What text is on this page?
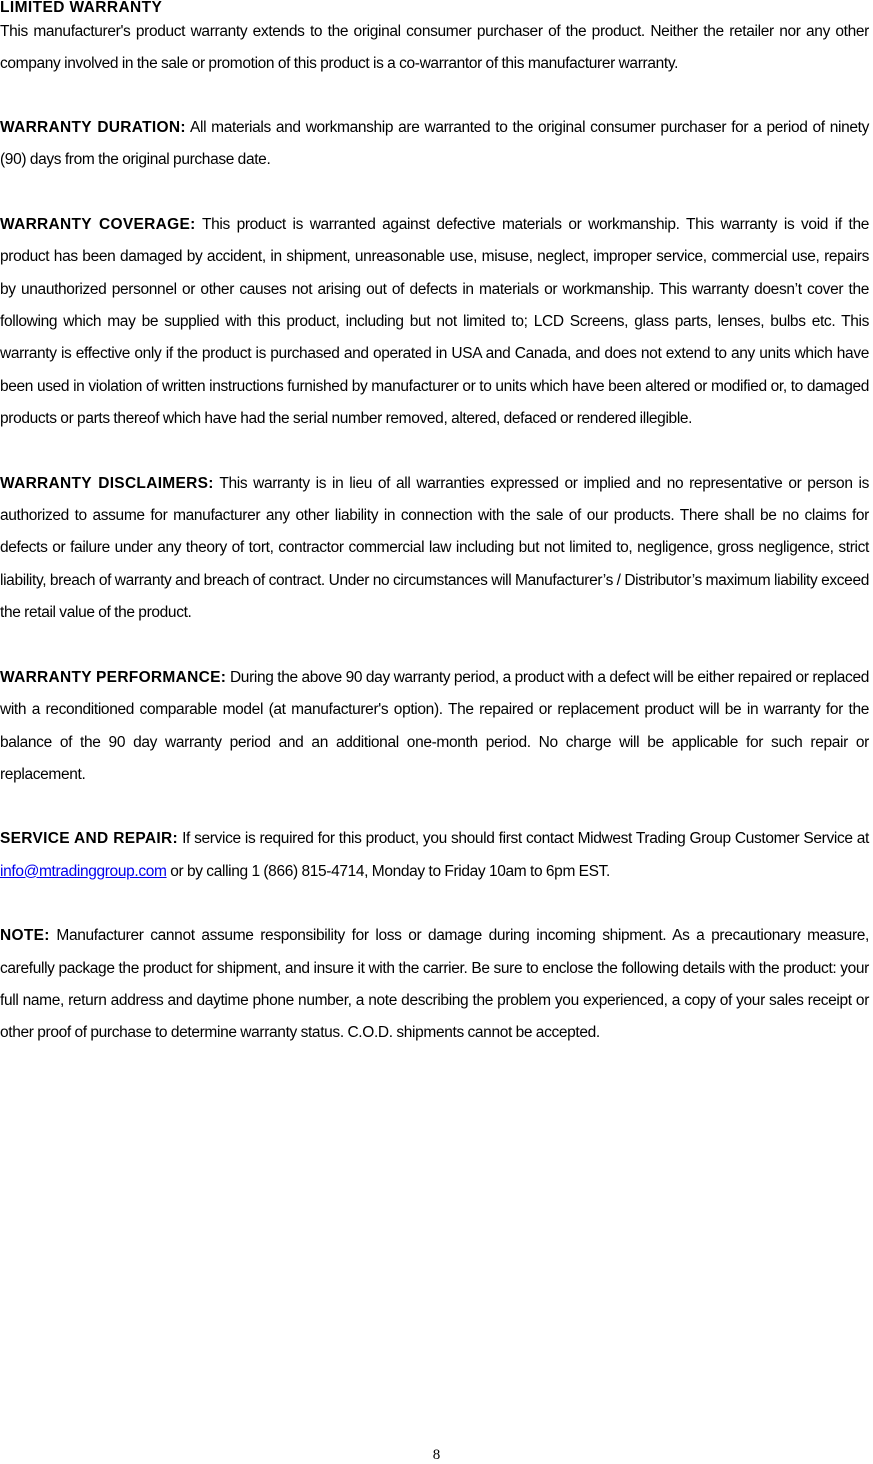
LIMITED WARRANTY

This manufacturer's product warranty extends to the original consumer purchaser of the product. Neither the retailer nor any other company involved in the sale or promotion of this product is a co-warrantor of this manufacturer warranty.

WARRANTY DURATION: All materials and workmanship are warranted to the original consumer purchaser for a period of ninety (90) days from the original purchase date.

WARRANTY COVERAGE: This product is warranted against defective materials or workmanship. This warranty is void if the product has been damaged by accident, in shipment, unreasonable use, misuse, neglect, improper service, commercial use, repairs by unauthorized personnel or other causes not arising out of defects in materials or workmanship. This warranty doesn’t cover the following which may be supplied with this product, including but not limited to; LCD Screens, glass parts, lenses, bulbs etc. This warranty is effective only if the product is purchased and operated in USA and Canada, and does not extend to any units which have been used in violation of written instructions furnished by manufacturer or to units which have been altered or modified or, to damaged products or parts thereof which have had the serial number removed, altered, defaced or rendered illegible.

WARRANTY DISCLAIMERS: This warranty is in lieu of all warranties expressed or implied and no representative or person is authorized to assume for manufacturer any other liability in connection with the sale of our products. There shall be no claims for defects or failure under any theory of tort, contractor commercial law including but not limited to, negligence, gross negligence, strict liability, breach of warranty and breach of contract. Under no circumstances will Manufacturer’s / Distributor’s maximum liability exceed the retail value of the product.

WARRANTY PERFORMANCE: During the above 90 day warranty period, a product with a defect will be either repaired or replaced with a reconditioned comparable model (at manufacturer's option). The repaired or replacement product will be in warranty for the balance of the 90 day warranty period and an additional one-month period. No charge will be applicable for such repair or replacement.

SERVICE AND REPAIR: If service is required for this product, you should first contact Midwest Trading Group Customer Service at info@mtradinggroup.com or by calling 1 (866) 815-4714, Monday to Friday 10am to 6pm EST.

NOTE: Manufacturer cannot assume responsibility for loss or damage during incoming shipment. As a precautionary measure, carefully package the product for shipment, and insure it with the carrier. Be sure to enclose the following details with the product: your full name, return address and daytime phone number, a note describing the problem you experienced, a copy of your sales receipt or other proof of purchase to determine warranty status. C.O.D. shipments cannot be accepted.

8
